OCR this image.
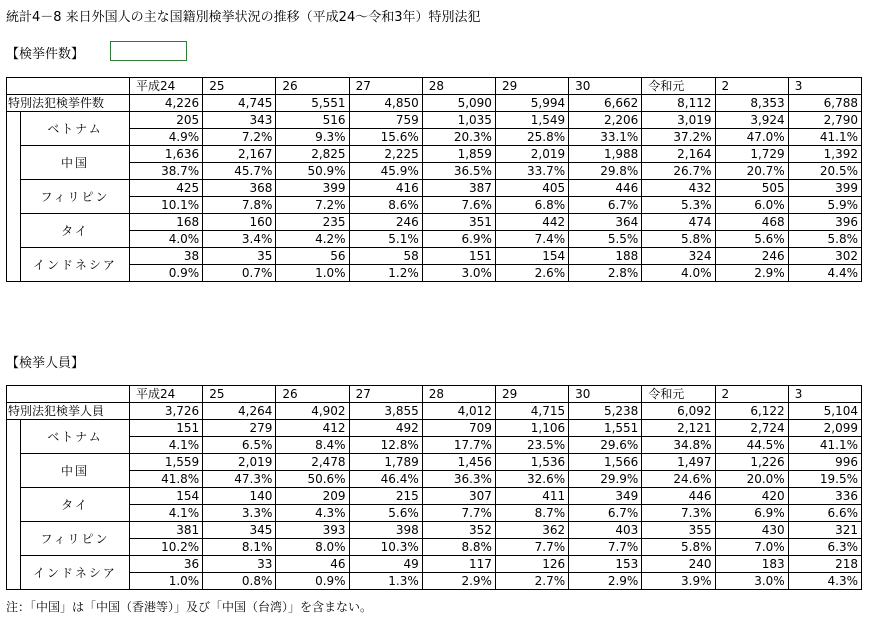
統計4－8 来日外国人の主な国籍別検挙状況の推移（平成24～令和3年）特別法犯
【検挙件数】
		平成24	25	26	27	28	29	30	令和元	2	3
特別法犯検挙件数		4,226	4,745	5,551	4,850	5,090	5,994	6,662	8,112	8,353	6,788
	ベトナム	205	343	516	759	1,035	1,549	2,206	3,019	3,924	2,790
		4.9%	7.2%	9.3%	15.6%	20.3%	25.8%	33.1%	37.2%	47.0%	41.1%
	中国	1,636	2,167	2,825	2,225	1,859	2,019	1,988	2,164	1,729	1,392
		38.7%	45.7%	50.9%	45.9%	36.5%	33.7%	29.8%	26.7%	20.7%	20.5%
	フィリピン	425	368	399	416	387	405	446	432	505	399
		10.1%	7.8%	7.2%	8.6%	7.6%	6.8%	6.7%	5.3%	6.0%	5.9%
	タイ	168	160	235	246	351	442	364	474	468	396
		4.0%	3.4%	4.2%	5.1%	6.9%	7.4%	5.5%	5.8%	5.6%	5.8%
	インドネシア	38	35	56	58	151	154	188	324	246	302
		0.9%	0.7%	1.0%	1.2%	3.0%	2.6%	2.8%	4.0%	2.9%	4.4%
【検挙人員】
		平成24	25	26	27	28	29	30	令和元	2	3
特別法犯検挙人員		3,726	4,264	4,902	3,855	4,012	4,715	5,238	6,092	6,122	5,104
	ベトナム	151	279	412	492	709	1,106	1,551	2,121	2,724	2,099
		4.1%	6.5%	8.4%	12.8%	17.7%	23.5%	29.6%	34.8%	44.5%	41.1%
	中国	1,559	2,019	2,478	1,789	1,456	1,536	1,566	1,497	1,226	996
		41.8%	47.3%	50.6%	46.4%	36.3%	32.6%	29.9%	24.6%	20.0%	19.5%
	タイ	154	140	209	215	307	411	349	446	420	336
		4.1%	3.3%	4.3%	5.6%	7.7%	8.7%	6.7%	7.3%	6.9%	6.6%
	フィリピン	381	345	393	398	352	362	403	355	430	321
		10.2%	8.1%	8.0%	10.3%	8.8%	7.7%	7.7%	5.8%	7.0%	6.3%
	インドネシア	36	33	46	49	117	126	153	240	183	218
		1.0%	0.8%	0.9%	1.3%	2.9%	2.7%	2.9%	3.9%	3.0%	4.3%
注：「中国」は「中国（香港等）」及び「中国（台湾）」を含まない。
